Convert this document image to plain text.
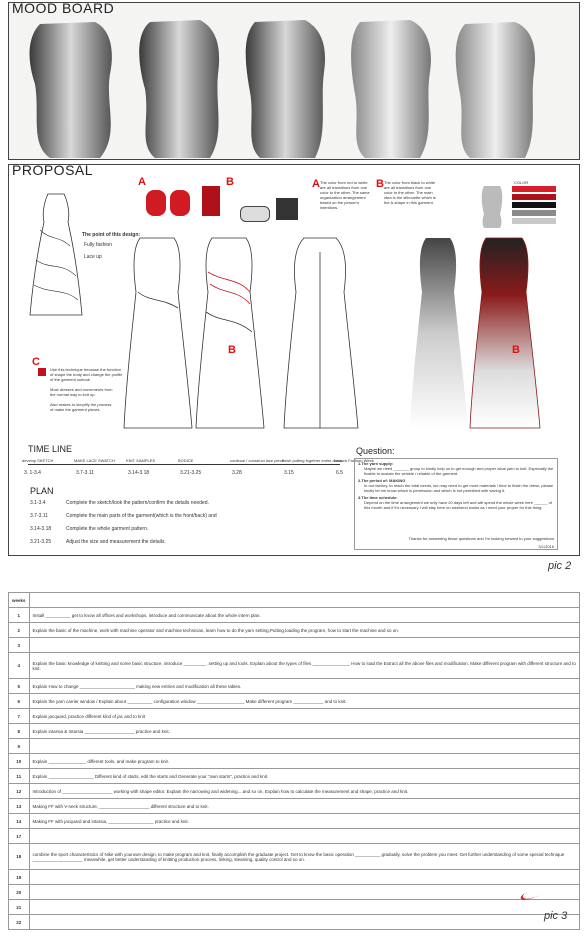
MOOD BOARD
PROPOSAL
The point of this design:
Fully fashion
Lace up
C
Use this technique because the function
of shape the body and change the profile
of the garment outlook.

Most dresses and movements from
the normal way to knit up.

Also makes to simplify the process
of make the garment pieces.
A	B	A The color from red to white are all transitions from one color to the other. The same organization arrangement based on the person's intentions.
B The color from black to white are all transitions from one color to the other. The main idea is the silhouette which is the A-shape in this garment.
COLOR
B	B
TIME LINE
develop SKETCH	MAKE LACE SWATCH	KNIT SAMPLES	BODICE	continue / construct lace piece
finish putting together entire dress
Launch Fashion Week
3. 1-3.4	3.7-3.11	3.14-3.18	3.21-3.25	3.28	3.15	6.5
PLAN
3.1-3.4	Complete the sketch/look the pattern/confirm the details needed.
3.7-3.11	Complete the main parts of the garment(which is the front/back) and
3.14-3.18	Complete the whole garment pattern.
3.21-3.25	Adjust the size and measurement the details.
Question:
1.The yarn supply:
Maybe we need _______ group to kindly help us to get enough and proper what yarn to knit. Especially the fixable to sustain the wrinkle / reliable of the garment.
2.The period of: MAKING
In our factory, to reach the total needs, we may need to get more materials / time to finish the dress, please kindly let me know which is permission and which is not permitted with saving it.
3.The time schedule:
Depend on the time arrangement we only have 20 days left and will spend the whole week here ______ of this month and if it's necessary I will stay here on weekend works as I need your proper for this thing.
Thanks for answering those questions and I'm looking forward to your suggestions
3/1/2016
pic 2
weeks	
1	Install __________ get to know all offices and workshops, introduce and communicate about the whole intern plan.
2	Explain the basic of the machine, work with machine operator and machine technician, learn how to do the yarn setting,Putting,loading the program, how to start the machine and so on.
3	
4	Explain the basic knowledge of knitting and some basic structure, introduce _________ ,setting up and tools. Explain about the types of files _______________ How to load the Extract all the above files and modification. Make different program with different structure and to knit.
5	Explain How to change ______________________ making new entries and modification all these tables.
6	Explain the yarn carrier window / Explain about __________ configuration window ___________________ Make different program ____________ and to knit.
7	Explain jacquard, practice different kind of jac and to knit
8	Explain intarsia & Intarsia ____________________ practice and knit.
9	
10	Explain _______________ different tools, and make program to knit.
11	Explain __________________ Different kind of starts, edit the starts and Generate your "own starts", practice and knit.
12	Introduction of ____________________ working with shape editor. Explain the narrowing and widening....and so on, Explain how to calculate the measurement and shape, practice and knit.
13	Making FF with V-neck structure, ____________________ different structure and to knit.
14	Making FF with jacquard and intarsia, __________________ practice and knit.
17	
18	combine the sport characteristics of Nike with yourown design, to make program and knit, finally accomplish the graduate project. Get to know the basic operation __________ gradually, solve the problem you meet. Get further understanding of some special technique ____________________ meanwhile, get better understanding of knitting production process, linking, steaming, quality control and so on.
19	
20	
21	
22		pic 3
